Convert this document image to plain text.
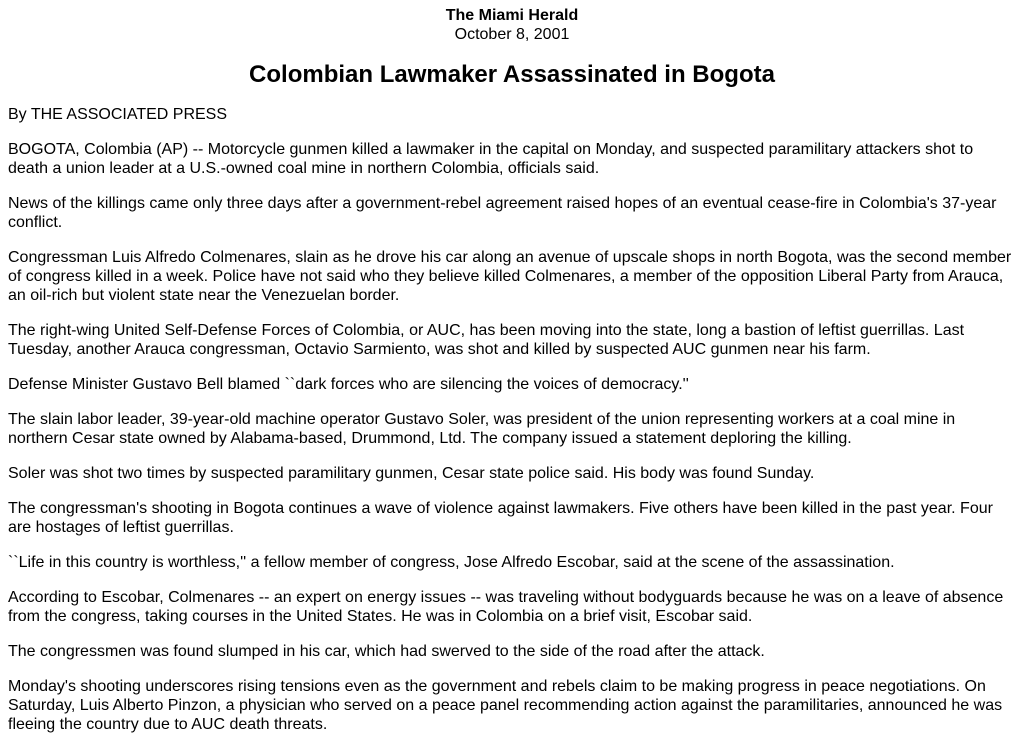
The Miami Herald
October 8, 2001
Colombian Lawmaker Assassinated in Bogota
By THE ASSOCIATED PRESS

BOGOTA, Colombia (AP) -- Motorcycle gunmen killed a lawmaker in the capital on Monday, and suspected paramilitary attackers shot to death a union leader at a U.S.-owned coal mine in northern Colombia, officials said.

News of the killings came only three days after a government-rebel agreement raised hopes of an eventual cease-fire in Colombia's 37-year conflict.

Congressman Luis Alfredo Colmenares, slain as he drove his car along an avenue of upscale shops in north Bogota, was the second member of congress killed in a week. Police have not said who they believe killed Colmenares, a member of the opposition Liberal Party from Arauca, an oil-rich but violent state near the Venezuelan border.

The right-wing United Self-Defense Forces of Colombia, or AUC, has been moving into the state, long a bastion of leftist guerrillas. Last Tuesday, another Arauca congressman, Octavio Sarmiento, was shot and killed by suspected AUC gunmen near his farm.

Defense Minister Gustavo Bell blamed ``dark forces who are silencing the voices of democracy.''

The slain labor leader, 39-year-old machine operator Gustavo Soler, was president of the union representing workers at a coal mine in northern Cesar state owned by Alabama-based, Drummond, Ltd. The company issued a statement deploring the killing.

Soler was shot two times by suspected paramilitary gunmen, Cesar state police said. His body was found Sunday.

The congressman's shooting in Bogota continues a wave of violence against lawmakers. Five others have been killed in the past year. Four are hostages of leftist guerrillas.

``Life in this country is worthless,'' a fellow member of congress, Jose Alfredo Escobar, said at the scene of the assassination.

According to Escobar, Colmenares -- an expert on energy issues -- was traveling without bodyguards because he was on a leave of absence from the congress, taking courses in the United States. He was in Colombia on a brief visit, Escobar said.

The congressmen was found slumped in his car, which had swerved to the side of the road after the attack.

Monday's shooting underscores rising tensions even as the government and rebels claim to be making progress in peace negotiations. On Saturday, Luis Alberto Pinzon, a physician who served on a peace panel recommending action against the paramilitaries, announced he was fleeing the country due to AUC death threats.
